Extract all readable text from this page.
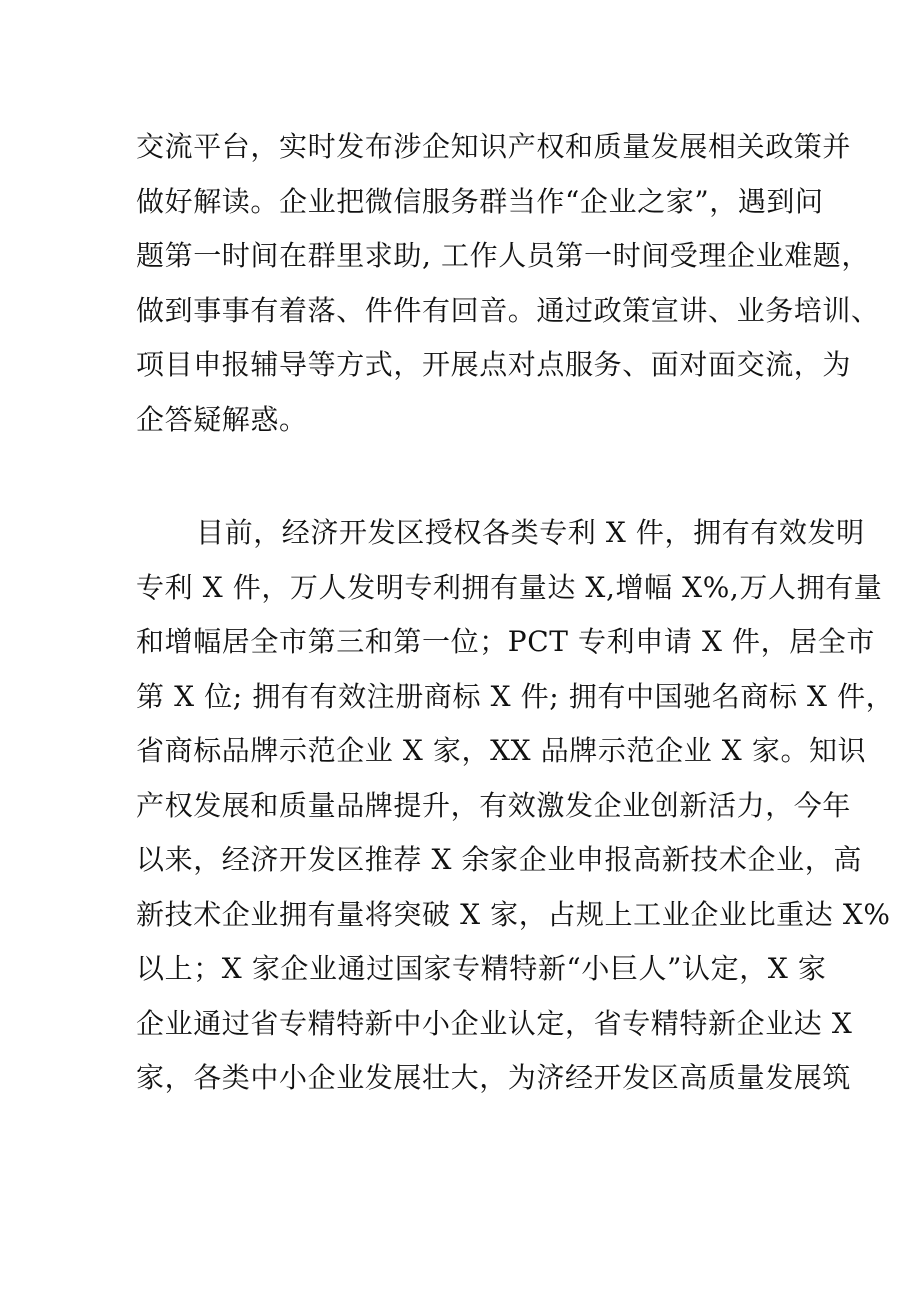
交流平台，实时发布涉企知识产权和质量发展相关政策并
做好解读。企业把微信服务群当作“企业之家”，遇到问
题第一时间在群里求助, 工作人员第一时间受理企业难题，
做到事事有着落、件件有回音。通过政策宣讲、业务培训、
项目申报辅导等方式，开展点对点服务、面对面交流，为
企答疑解惑。
目前，经济开发区授权各类专利 X 件，拥有有效发明
专利 X 件，万人发明专利拥有量达 X,增幅 X%,万人拥有量
和增幅居全市第三和第一位；PCT 专利申请 X 件，居全市
第 X 位; 拥有有效注册商标 X 件; 拥有中国驰名商标 X 件，
省商标品牌示范企业 X 家，XX 品牌示范企业 X 家。知识
产权发展和质量品牌提升，有效激发企业创新活力，今年
以来，经济开发区推荐 X 余家企业申报高新技术企业，高
新技术企业拥有量将突破 X 家，占规上工业企业比重达 X%
以上；X 家企业通过国家专精特新“小巨人”认定，X 家
企业通过省专精特新中小企业认定，省专精特新企业达 X
家，各类中小企业发展壮大，为济经开发区高质量发展筑
